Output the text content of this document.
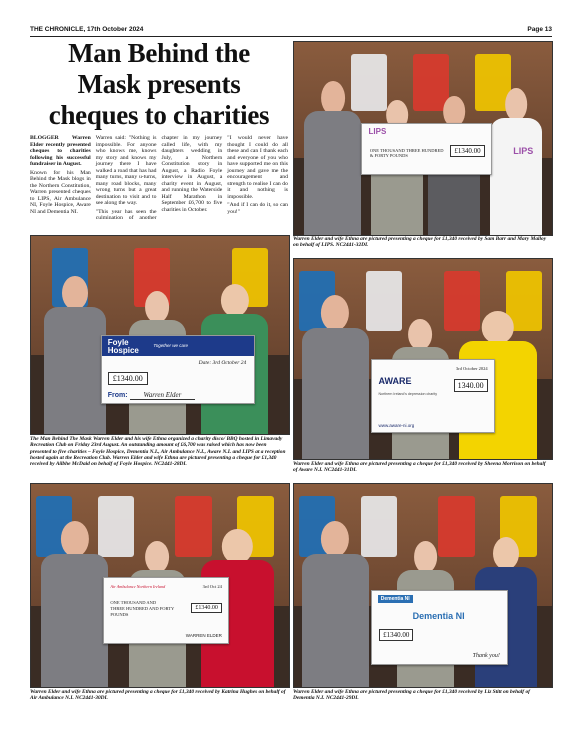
THE CHRONICLE, 17th October 2024	Page 13
Man Behind the
Mask presents
cheques to charities

BLOGGER Warren Elder recently presented cheques to charities following his successful fundraiser in August.

Known for his Man Behind the Mask blogs in the Northern Constitution, Warren presented cheques to LIPS, Air Ambulance NI, Foyle Hospice, Aware NI and Dementia NI.

Warren said: "Nothing is impossible. For anyone who knows me, knows my story and knows my journey there I have walked a road that has had many turns, many u-turns, many road blocks, many wrong turns but a great destination to visit and to see along the way.

"This year has seen the culmination of another chapter in my journey called life, with my daughters wedding in July, a Northern Constitution story in August, a Radio Foyle interview in August, a charity event in August, and running the Waterside Half Marathon in September £6,700 to five charities in October.

"I would never have thought I could do all these and can I thank each and everyone of you who have supported me on this journey and gave me the encouragement and strength to realise I can do it and nothing is impossible.

"And if I can do it, so can you!"

LIPS
ONE THOUSAND THREE HUNDRED & FORTY POUNDS
£1340.00	LIPS
Warren Elder and wife Ethna are pictured presenting a cheque for £1,340 received by Sam Barr and Mary Malloy on behalf of LIPS. NC2441-32DL
Foyle
Hospice
Together we care
Date: 3rd October 24
£1340.00
From: Warren Elder
The Man Behind The Mask Warren Elder and his wife Ethna organized a charity disco/ BBQ hosted in Limavady Recreation Club on Friday 23rd August. An outstanding amount of £6,700 was raised which has now been presented to five charities – Foyle Hospice, Dementia N.I., Air Ambulance N.I., Aware N.I. and LIPS at a reception hosted again at the Recreation Club. Warren Elder and wife Ethna are pictured presenting a cheque for £1,340 received by Ailbhe McDaid on behalf of Foyle Hospice. NC2441-28DL
AWARE
Northern Ireland's depression charity
3rd October 2024
1340.00
www.aware-ni.org
Warren Elder and wife Ethna are pictured presenting a cheque for £1,340 received by Sheena Morrison on behalf of Aware N.I. NC2441-31DL
Air Ambulance Northern Ireland	3rd Oct 24
ONE THOUSAND AND
THREE HUNDRED AND FORTY POUNDS
£1340.00
WARREN ELDER
Warren Elder and wife Ethna are pictured presenting a cheque for £1,340 received by Katrina Hughes on behalf of Air Ambulance N.I. NC2441-30DL
Dementia NI
Dementia NI
£1340.00
Thank you!
Warren Elder and wife Ethna are pictured presenting a cheque for £1,340 received by Liz Stitt on behalf of Dementia N.I. NC2441-29DL
